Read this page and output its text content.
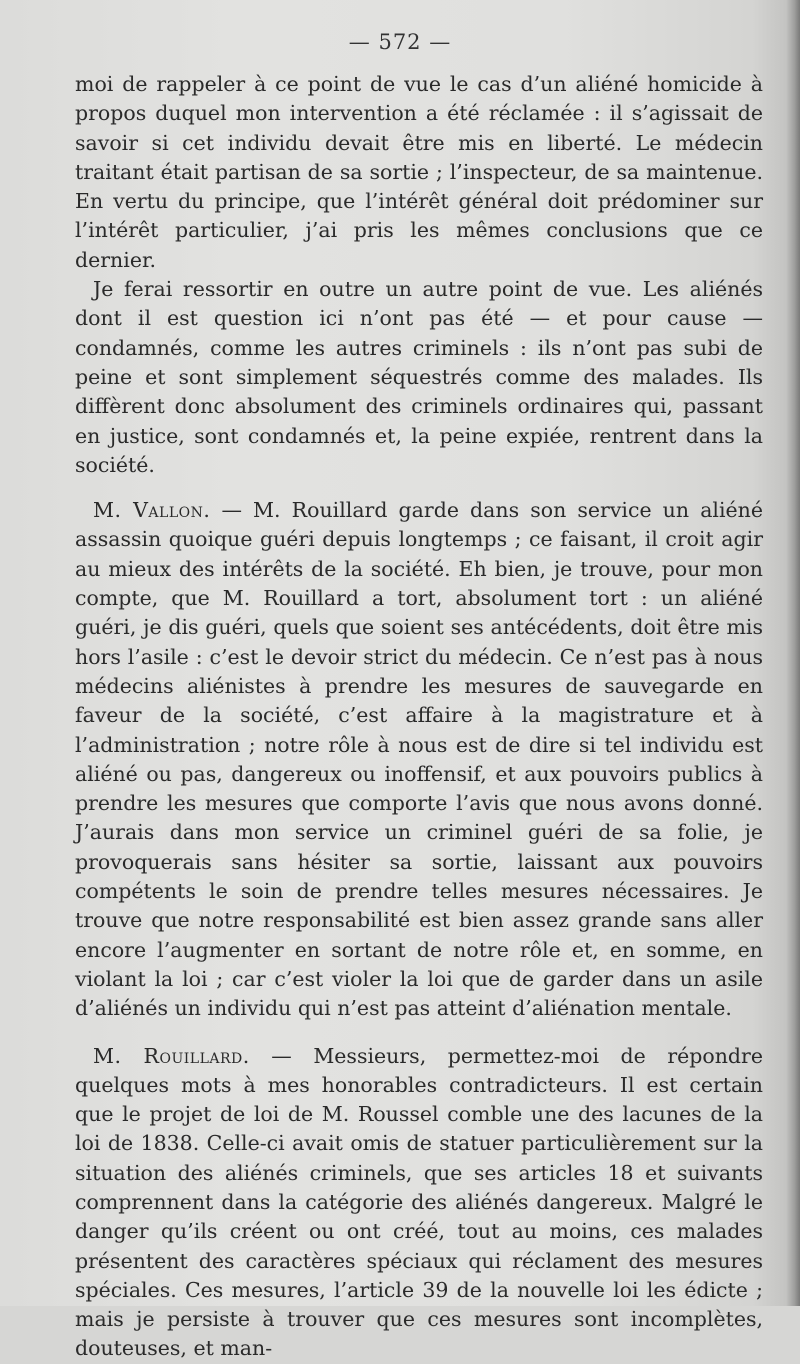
— 572 —

moi de rappeler à ce point de vue le cas d’un aliéné homicide à propos duquel mon intervention a été réclamée : il s’agissait de savoir si cet individu devait être mis en liberté. Le médecin traitant était partisan de sa sortie ; l’inspecteur, de sa maintenue. En vertu du principe, que l’intérêt général doit prédominer sur l’intérêt particulier, j’ai pris les mêmes conclusions que ce dernier.

Je ferai ressortir en outre un autre point de vue. Les aliénés dont il est question ici n’ont pas été — et pour cause — condamnés, comme les autres criminels : ils n’ont pas subi de peine et sont simplement séquestrés comme des malades. Ils diffèrent donc absolument des criminels ordinaires qui, passant en justice, sont condamnés et, la peine expiée, rentrent dans la société.

M. Vallon. — M. Rouillard garde dans son service un aliéné assassin quoique guéri depuis longtemps ; ce faisant, il croit agir au mieux des intérêts de la société. Eh bien, je trouve, pour mon compte, que M. Rouillard a tort, absolument tort : un aliéné guéri, je dis guéri, quels que soient ses antécédents, doit être mis hors l’asile : c’est le devoir strict du médecin. Ce n’est pas à nous médecins aliénistes à prendre les mesures de sauvegarde en faveur de la société, c’est affaire à la magistrature et à l’administration ; notre rôle à nous est de dire si tel individu est aliéné ou pas, dangereux ou inoffensif, et aux pouvoirs publics à prendre les mesures que comporte l’avis que nous avons donné. J’aurais dans mon service un criminel guéri de sa folie, je provoquerais sans hésiter sa sortie, laissant aux pouvoirs compétents le soin de prendre telles mesures nécessaires. Je trouve que notre responsabilité est bien assez grande sans aller encore l’augmenter en sortant de notre rôle et, en somme, en violant la loi ; car c’est violer la loi que de garder dans un asile d’aliénés un individu qui n’est pas atteint d’aliénation mentale.

M. Rouillard. — Messieurs, permettez-moi de répondre quelques mots à mes honorables contradicteurs. Il est certain que le projet de loi de M. Roussel comble une des lacunes de la loi de 1838. Celle-ci avait omis de statuer particulièrement sur la situation des aliénés criminels, que ses articles 18 et suivants comprennent dans la catégorie des aliénés dangereux. Malgré le danger qu’ils créent ou ont créé, tout au moins, ces malades présentent des caractères spéciaux qui réclament des mesures spéciales. Ces mesures, l’article 39 de la nouvelle loi les édicte ; mais je persiste à trouver que ces mesures sont incomplètes, douteuses, et man-
